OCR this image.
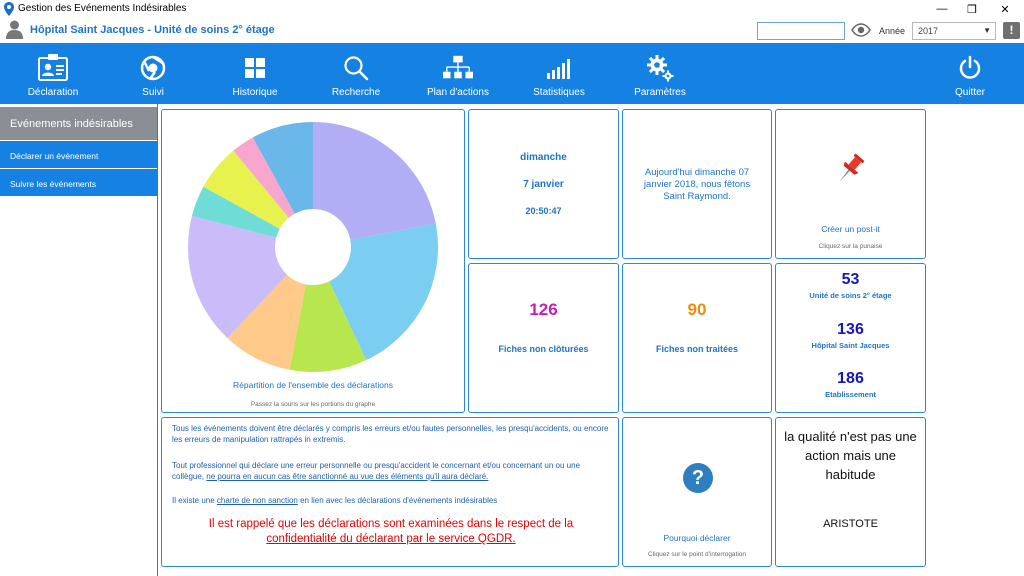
Gestion des Evénements Indésirables	—	❐	✕
Hôpital Saint Jacques - Unité de soins 2° étage	Année	2017	▼	!
Déclaration	Suivi	Historique	Recherche	Plan d'actions	Statistiques	Paramètres	Quitter
Evénements indésirables
Déclarer un événement
Suivre les événements
Répartition de l'ensemble des déclarations
Passez la souris sur les portions du graphe
dimanche
7 janvier
20:50:47
Aujourd'hui dimanche 07 janvier 2018, nous fêtons Saint Raymond.
Créer un post-it
Cliquez sur la punaise
126
Fiches non clôturées
90
Fiches non traitées
53
Unité de soins 2° étage
136
Hôpital Saint Jacques
186
Etablissement

Tous les événements doivent être déclarés y compris les erreurs et/ou fautes personnelles, les presqu'accidents, ou encore les erreurs de manipulation rattrapés in extremis.

Tout professionnel qui déclare une erreur personnelle ou presqu'accident le concernant et/ou concernant un ou une collègue, ne pourra en aucun cas être sanctionné au vue des éléments qu'il aura déclaré.

Il existe une charte de non sanction en lien avec les déclarations d'événements indésirables

Il est rappelé que les déclarations sont examinées dans le respect de la
confidentialité du déclarant par le service QGDR.
?
Pourquoi déclarer
Cliquez sur le point d'interrogation
la qualité n'est pas une action mais une habitude
ARISTOTE
